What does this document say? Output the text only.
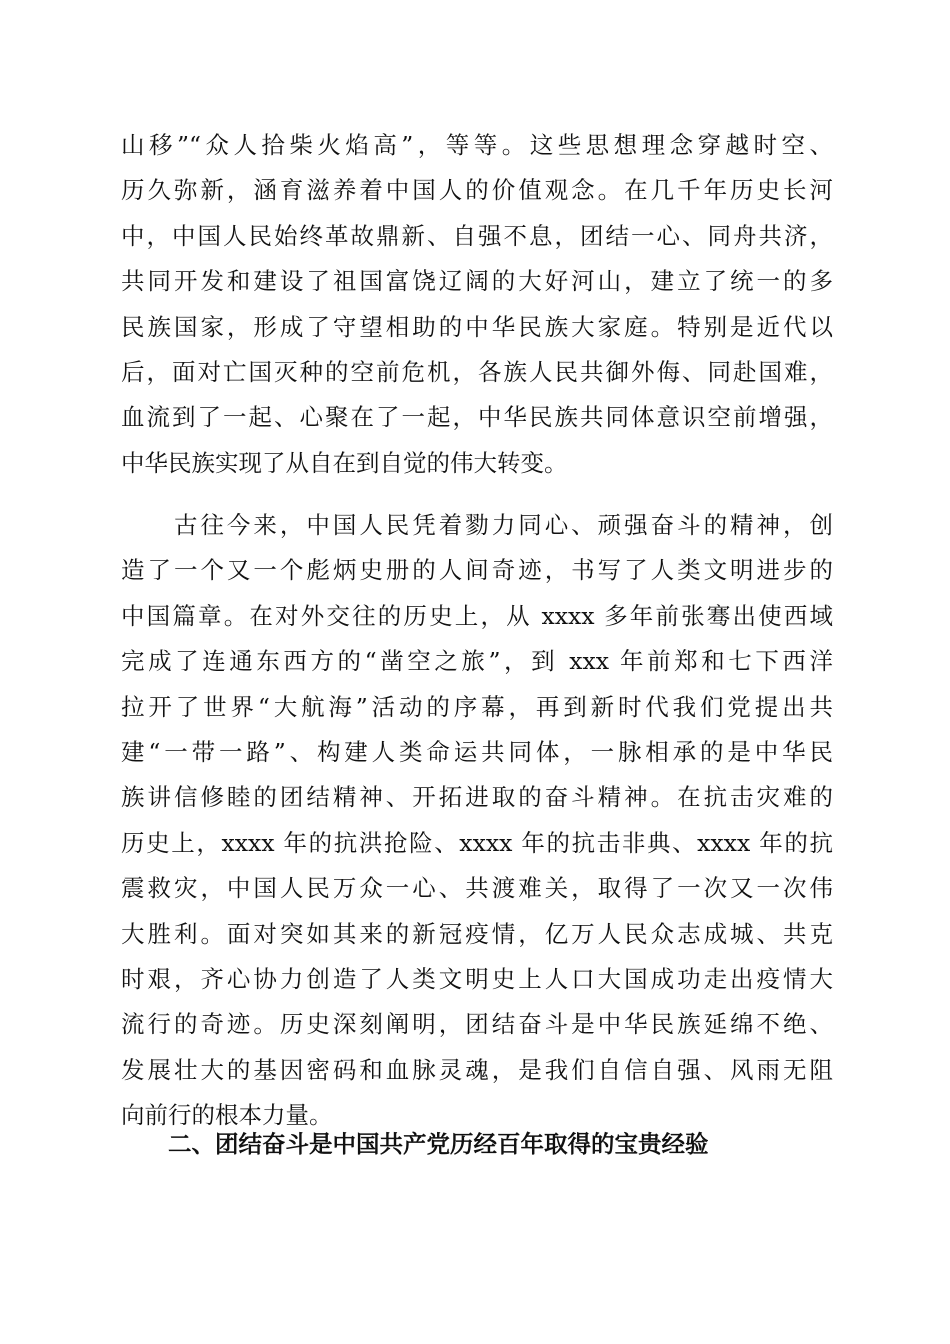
山移”“众人拾柴火焰高”，等等。这些思想理念穿越时空、
历久弥新，涵育滋养着中国人的价值观念。在几千年历史长河
中，中国人民始终革故鼎新、自强不息，团结一心、同舟共济，
共同开发和建设了祖国富饶辽阔的大好河山，建立了统一的多
民族国家，形成了守望相助的中华民族大家庭。特别是近代以
后，面对亡国灭种的空前危机，各族人民共御外侮、同赴国难，
血流到了一起、心聚在了一起，中华民族共同体意识空前增强，
中华民族实现了从自在到自觉的伟大转变。
　　古往今来，中国人民凭着勠力同心、顽强奋斗的精神，创
造了一个又一个彪炳史册的人间奇迹，书写了人类文明进步的
中国篇章。在对外交往的历史上，从 xxxx 多年前张骞出使西域
完成了连通东西方的“凿空之旅”，到 xxx 年前郑和七下西洋
拉开了世界“大航海”活动的序幕，再到新时代我们党提出共
建“一带一路”、构建人类命运共同体，一脉相承的是中华民
族讲信修睦的团结精神、开拓进取的奋斗精神。在抗击灾难的
历史上，xxxx 年的抗洪抢险、xxxx 年的抗击非典、xxxx 年的抗
震救灾，中国人民万众一心、共渡难关，取得了一次又一次伟
大胜利。面对突如其来的新冠疫情，亿万人民众志成城、共克
时艰，齐心协力创造了人类文明史上人口大国成功走出疫情大
流行的奇迹。历史深刻阐明，团结奋斗是中华民族延绵不绝、
发展壮大的基因密码和血脉灵魂，是我们自信自强、风雨无阻
向前行的根本力量。
二、团结奋斗是中国共产党历经百年取得的宝贵经验
